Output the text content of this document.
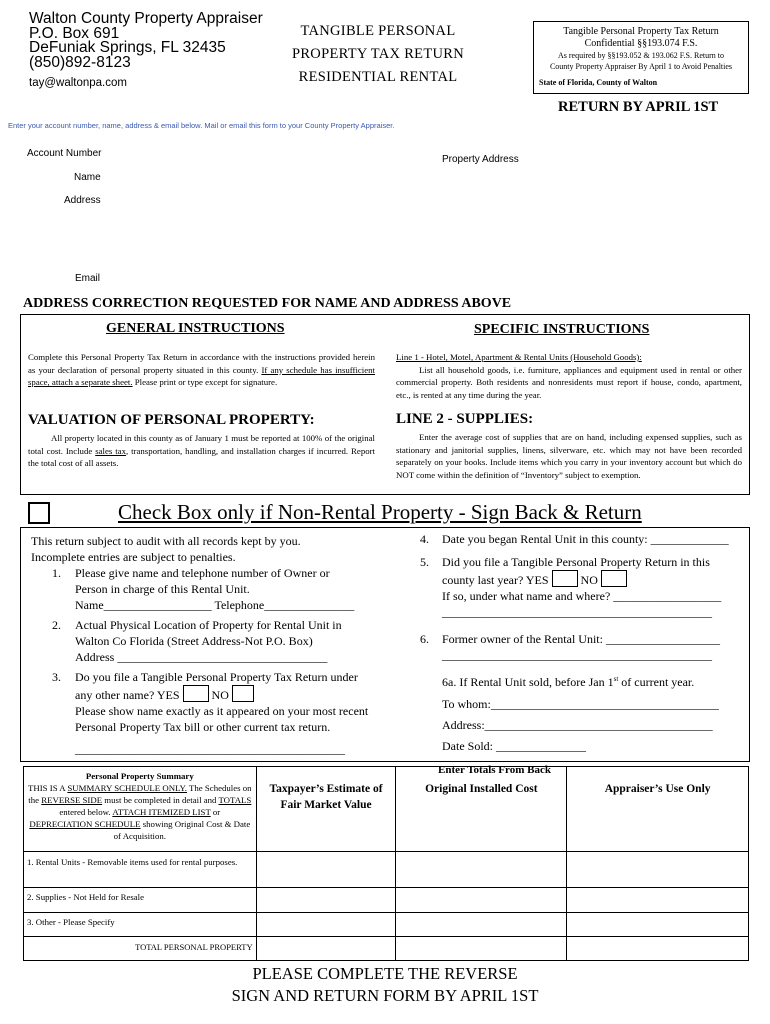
Walton County Property Appraiser
P.O. Box 691
DeFuniak Springs, FL 32435
(850)892-8123
tay@waltonpa.com
TANGIBLE PERSONAL
PROPERTY TAX RETURN
RESIDENTIAL RENTAL
Tangible Personal Property Tax Return
Confidential §§193.074 F.S.
As required by §§193.052 & 193.062 F.S. Return to
County Property Appraiser By April 1 to Avoid Penalties
State of Florida, County of Walton
RETURN BY APRIL 1ST
Enter your account number, name, address & email below. Mail or email this form to your County Property Appraiser.
Account Number
Name
Address
Email
Property Address
ADDRESS CORRECTION REQUESTED FOR NAME AND ADDRESS ABOVE
GENERAL INSTRUCTIONS
Complete this Personal Property Tax Return in accordance with the instructions provided herein as your declaration of personal property situated in this county. If any schedule has insufficient space, attach a separate sheet. Please print or type except for signature.
VALUATION OF PERSONAL PROPERTY:
All property located in this county as of January 1 must be reported at 100% of the original total cost. Include sales tax, transportation, handling, and installation charges if incurred. Report the total cost of all assets.
SPECIFIC INSTRUCTIONS
Line 1 - Hotel, Motel, Apartment & Rental Units (Household Goods):
List all household goods, i.e. furniture, appliances and equipment used in rental or other commercial property. Both residents and nonresidents must report if house, condo, apartment, etc., is rented at any time during the year.
LINE 2 - SUPPLIES:
Enter the average cost of supplies that are on hand, including expensed supplies, such as stationary and janitorial supplies, linens, silverware, etc. which may not have been recorded separately on your books. Include items which you carry in your inventory account but which do NOT come within the definition of “Inventory” subject to exemption.
Check Box only if Non-Rental Property - Sign Back & Return
This return subject to audit with all records kept by you.
Incomplete entries are subject to penalties.
1. Please give name and telephone number of Owner or
Person in charge of this Rental Unit.
Name__________________ Telephone_______________
2. Actual Physical Location of Property for Rental Unit in
Walton Co Florida (Street Address-Not P.O. Box)
Address ___________________________________
3. Do you file a Tangible Personal Property Tax Return under
any other name? YES	NO
Please show name exactly as it appeared on your most recent
Personal Property Tax bill or other current tax return.
_____________________________________________
4. Date you began Rental Unit in this county: _____________
5. Did you file a Tangible Personal Property Return in this
county last year? YES	NO
If so, under what name and where? __________________
_____________________________________________
6. Former owner of the Rental Unit: ___________________
_____________________________________________
6a. If Rental Unit sold, before Jan 1st of current year.
To whom:______________________________________
Address:______________________________________
Date Sold: _______________
Enter Totals From Back
Personal Property Summary
THIS IS A SUMMARY SCHEDULE ONLY. The Schedules on the REVERSE SIDE must be completed in detail and TOTALS entered below. ATTACH ITEMIZED LIST or DEPRECIATION SCHEDULE showing Original Cost & Date of Acquisition.	Taxpayer’s Estimate of Fair Market Value	Original Installed Cost	Appraiser’s Use Only
1. Rental Units - Removable items used for rental purposes.			
2. Supplies - Not Held for Resale			
3. Other - Please Specify			
TOTAL PERSONAL PROPERTY			
PLEASE COMPLETE THE REVERSE
SIGN AND RETURN FORM BY APRIL 1ST
